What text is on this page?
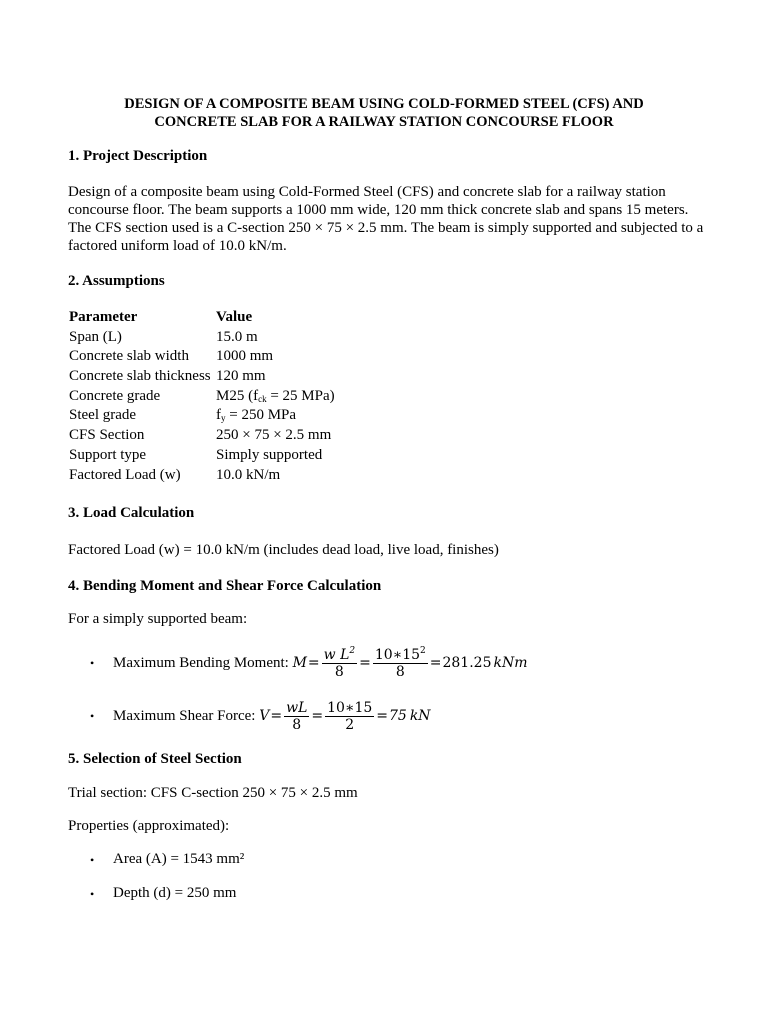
DESIGN OF A COMPOSITE BEAM USING COLD-FORMED STEEL (CFS) AND
CONCRETE SLAB FOR A RAILWAY STATION CONCOURSE FLOOR
1. Project Description
Design of a composite beam using Cold-Formed Steel (CFS) and concrete slab for a railway station concourse floor. The beam supports a 1000 mm wide, 120 mm thick concrete slab and spans 15 meters. The CFS section used is a C-section 250 × 75 × 2.5 mm. The beam is simply supported and subjected to a factored uniform load of 10.0 kN/m.
2. Assumptions
Parameter	Value
Span (L)	15.0 m
Concrete slab width	1000 mm
Concrete slab thickness	120 mm
Concrete grade	M25 ($f_{ck} = 25$ MPa)
Steel grade	$f_y = 250$ MPa
CFS Section	250 × 75 × 2.5 mm
Support type	Simply supported
Factored Load (w)	10.0 kN/m
3. Load Calculation
Factored Load (w) = 10.0 kN/m (includes dead load, live load, finishes)
4. Bending Moment and Shear Force Calculation
For a simply supported beam:
•	Maximum Bending Moment:
$M = \frac{w L^2}{8} = \frac{10∗15^2}{8} = 281.25$ kNm
•	Maximum Shear Force:
$V = \frac{wL}{8} = \frac{10∗15}{2} = 75$ kN
5. Selection of Steel Section
Trial section: CFS C-section 250 × 75 × 2.5 mm
Properties (approximated):
•	Area (A) = 1543 mm²
•	Depth (d) = 250 mm
